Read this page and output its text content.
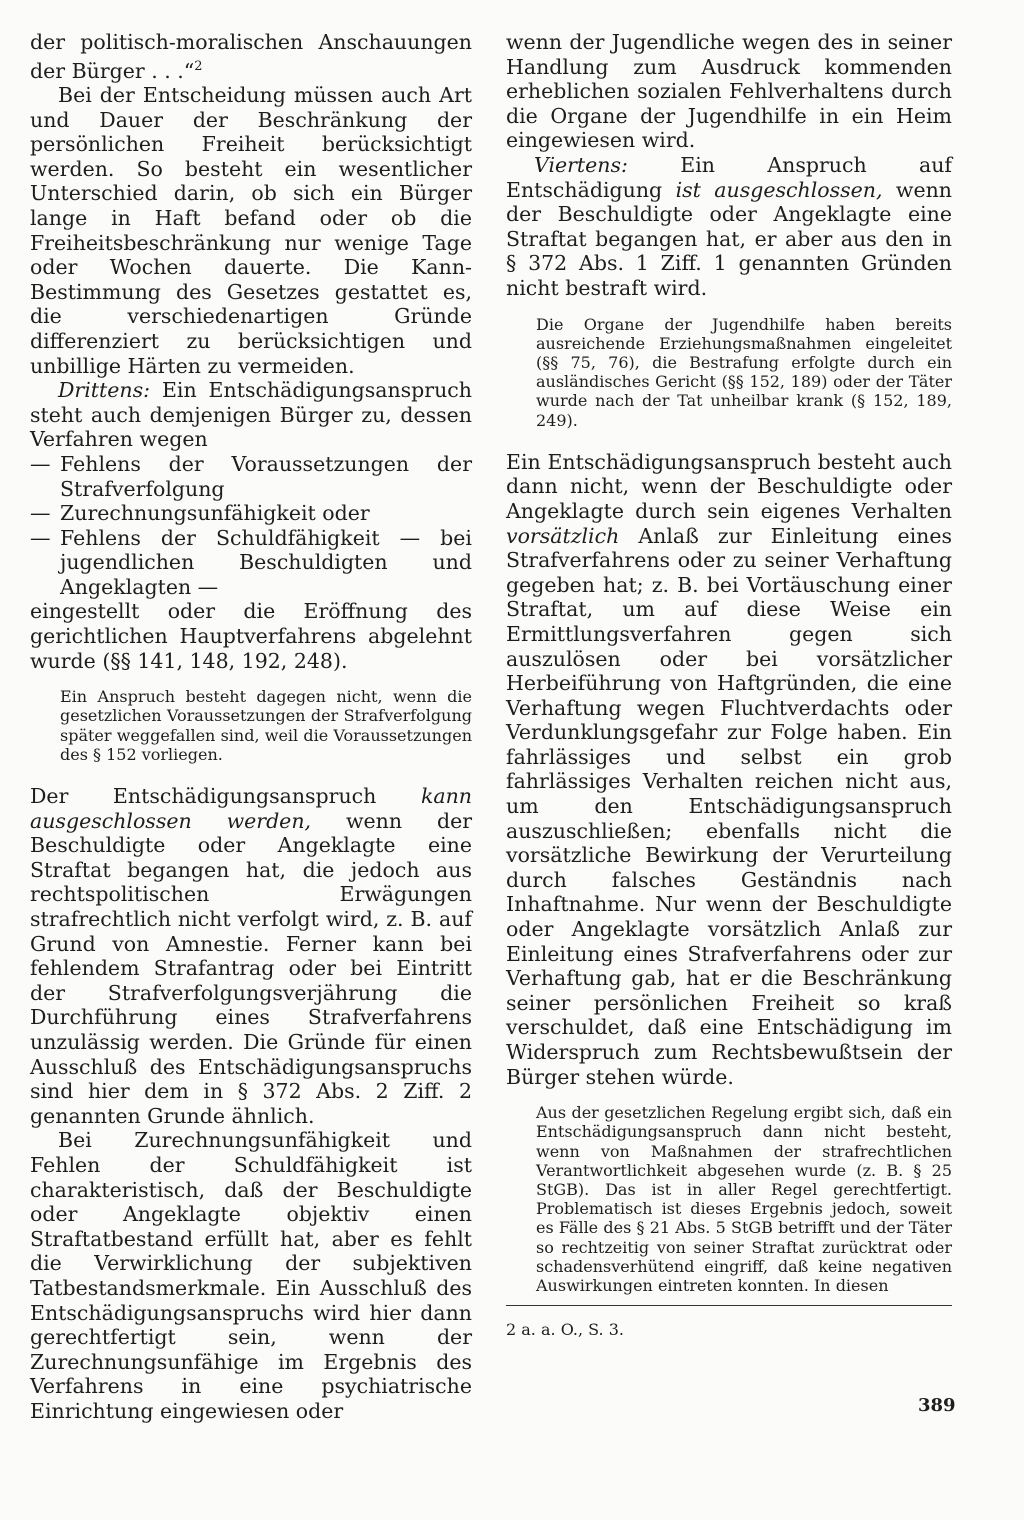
der politisch-moralischen Anschauungen der Bürger . . .“$^2$

Bei der Entscheidung müssen auch Art und Dauer der Beschränkung der persönlichen Freiheit berücksichtigt werden. So besteht ein wesentlicher Unterschied darin, ob sich ein Bürger lange in Haft befand oder ob die Freiheitsbeschränkung nur wenige Tage oder Wochen dauerte. Die Kann-Bestimmung des Gesetzes gestattet es, die verschiedenartigen Gründe differenziert zu berücksichtigen und unbillige Härten zu vermeiden.

Drittens: Ein Entschädigungsanspruch steht auch demjenigen Bürger zu, dessen Verfahren wegen

— Fehlens der Voraussetzungen der Strafverfolgung
— Zurechnungsunfähigkeit oder
— Fehlens der Schuldfähigkeit — bei jugendlichen Beschuldigten und Angeklagten —

eingestellt oder die Eröffnung des gerichtlichen Hauptverfahrens abgelehnt wurde (§§ 141, 148, 192, 248).

Ein Anspruch besteht dagegen nicht, wenn die gesetzlichen Voraussetzungen der Strafverfolgung später weggefallen sind, weil die Voraussetzungen des § 152 vorliegen.

Der Entschädigungsanspruch kann ausgeschlossen werden, wenn der Beschuldigte oder Angeklagte eine Straftat begangen hat, die jedoch aus rechtspolitischen Erwägungen strafrechtlich nicht verfolgt wird, z. B. auf Grund von Amnestie. Ferner kann bei fehlendem Strafantrag oder bei Eintritt der Strafverfolgungsverjährung die Durchführung eines Strafverfahrens unzulässig werden. Die Gründe für einen Ausschluß des Entschädigungsanspruchs sind hier dem in § 372 Abs. 2 Ziff. 2 genannten Grunde ähnlich.

Bei Zurechnungsunfähigkeit und Fehlen der Schuldfähigkeit ist charakteristisch, daß der Beschuldigte oder Angeklagte objektiv einen Straftatbestand erfüllt hat, aber es fehlt die Verwirklichung der subjektiven Tatbestandsmerkmale. Ein Ausschluß des Entschädigungsanspruchs wird hier dann gerechtfertigt sein, wenn der Zurechnungsunfähige im Ergebnis des Verfahrens in eine psychiatrische Einrichtung eingewiesen oder

wenn der Jugendliche wegen des in seiner Handlung zum Ausdruck kommenden erheblichen sozialen Fehlverhaltens durch die Organe der Jugendhilfe in ein Heim eingewiesen wird.

Viertens: Ein Anspruch auf Entschädigung ist ausgeschlossen, wenn der Beschuldigte oder Angeklagte eine Straftat begangen hat, er aber aus den in § 372 Abs. 1 Ziff. 1 genannten Gründen nicht bestraft wird.

Die Organe der Jugendhilfe haben bereits ausreichende Erziehungsmaßnahmen eingeleitet (§§ 75, 76), die Bestrafung erfolgte durch ein ausländisches Gericht (§§ 152, 189) oder der Täter wurde nach der Tat unheilbar krank (§ 152, 189, 249).

Ein Entschädigungsanspruch besteht auch dann nicht, wenn der Beschuldigte oder Angeklagte durch sein eigenes Verhalten vorsätzlich Anlaß zur Einleitung eines Strafverfahrens oder zu seiner Verhaftung gegeben hat; z. B. bei Vortäuschung einer Straftat, um auf diese Weise ein Ermittlungsverfahren gegen sich auszulösen oder bei vorsätzlicher Herbeiführung von Haftgründen, die eine Verhaftung wegen Fluchtverdachts oder Verdunklungsgefahr zur Folge haben. Ein fahrlässiges und selbst ein grob fahrlässiges Verhalten reichen nicht aus, um den Entschädigungsanspruch auszuschließen; ebenfalls nicht die vorsätzliche Bewirkung der Verurteilung durch falsches Geständnis nach Inhaftnahme. Nur wenn der Beschuldigte oder Angeklagte vorsätzlich Anlaß zur Einleitung eines Strafverfahrens oder zur Verhaftung gab, hat er die Beschränkung seiner persönlichen Freiheit so kraß verschuldet, daß eine Entschädigung im Widerspruch zum Rechtsbewußtsein der Bürger stehen würde.

Aus der gesetzlichen Regelung ergibt sich, daß ein Entschädigungsanspruch dann nicht besteht, wenn von Maßnahmen der strafrechtlichen Verantwortlichkeit abgesehen wurde (z. B. § 25 StGB). Das ist in aller Regel gerechtfertigt. Problematisch ist dieses Ergebnis jedoch, soweit es Fälle des § 21 Abs. 5 StGB betrifft und der Täter so rechtzeitig von seiner Straftat zurücktrat oder schadensverhütend eingriff, daß keine negativen Auswirkungen eintreten konnten. In diesen

2 a. a. O., S. 3.
389
